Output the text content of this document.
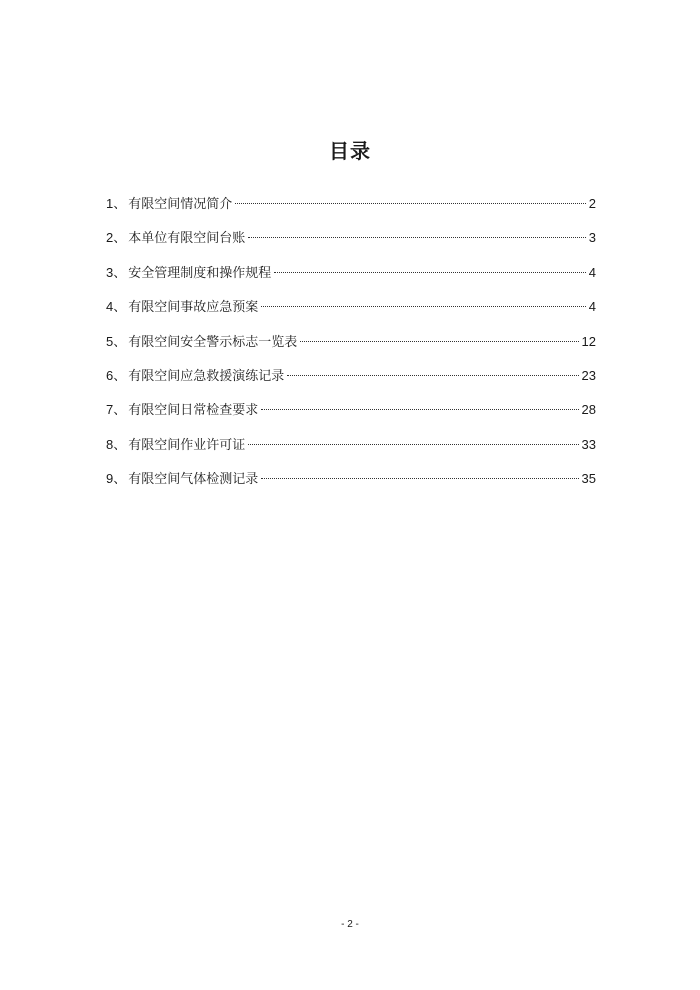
目录
1 、 有限空间情况简介	2
2 、 本单位有限空间台账	3
3 、 安全管理制度和操作规程	4
4 、 有限空间事故应急预案	4
5 、 有限空间安全警示标志一览表	12
6 、 有限空间应急救援演练记录	23
7 、 有限空间日常检查要求	28
8 、 有限空间作业许可证	33
9 、 有限空间气体检测记录	35
- 2 -
